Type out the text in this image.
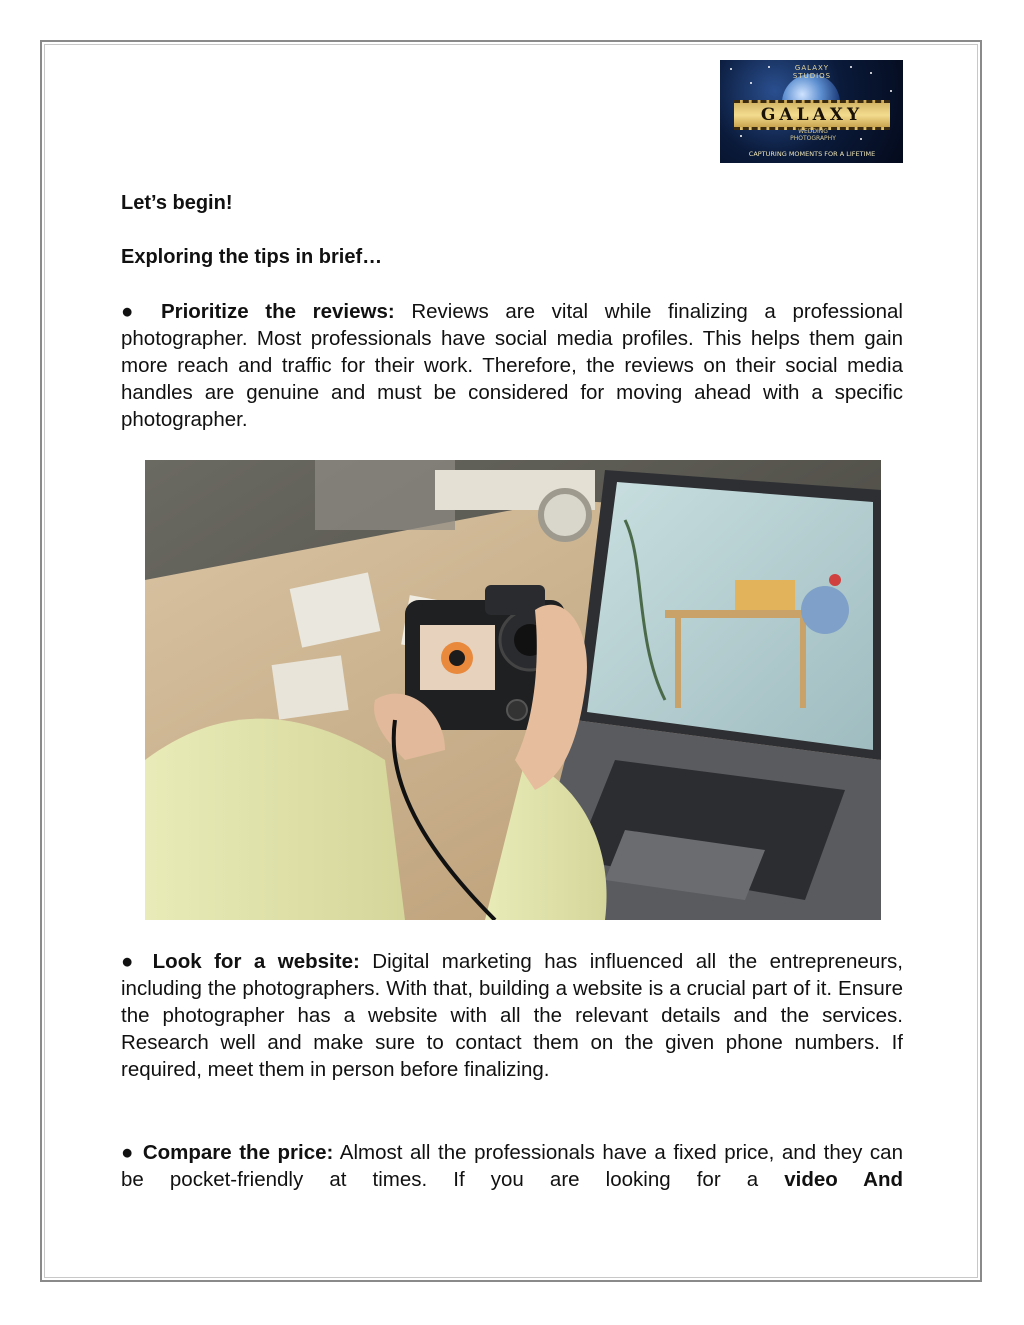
GALAXY STUDIOS
GALAXY
WEDDING PHOTOGRAPHY
CAPTURING MOMENTS FOR A LIFETIME

Let’s begin!

Exploring the tips in brief…

● Prioritize the reviews: Reviews are vital while finalizing a professional photographer. Most professionals have social media profiles. This helps them gain more reach and traffic for their work. Therefore, the reviews on their social media handles are genuine and must be considered for moving ahead with a specific photographer.

● Look for a website: Digital marketing has influenced all the entrepreneurs, including the photographers. With that, building a website is a crucial part of it. Ensure the photographer has a website with all the relevant details and the services. Research well and make sure to contact them on the given phone numbers. If required, meet them in person before finalizing.

● Compare the price: Almost all the professionals have a fixed price, and they can be pocket-friendly at times. If you are looking for a video And
